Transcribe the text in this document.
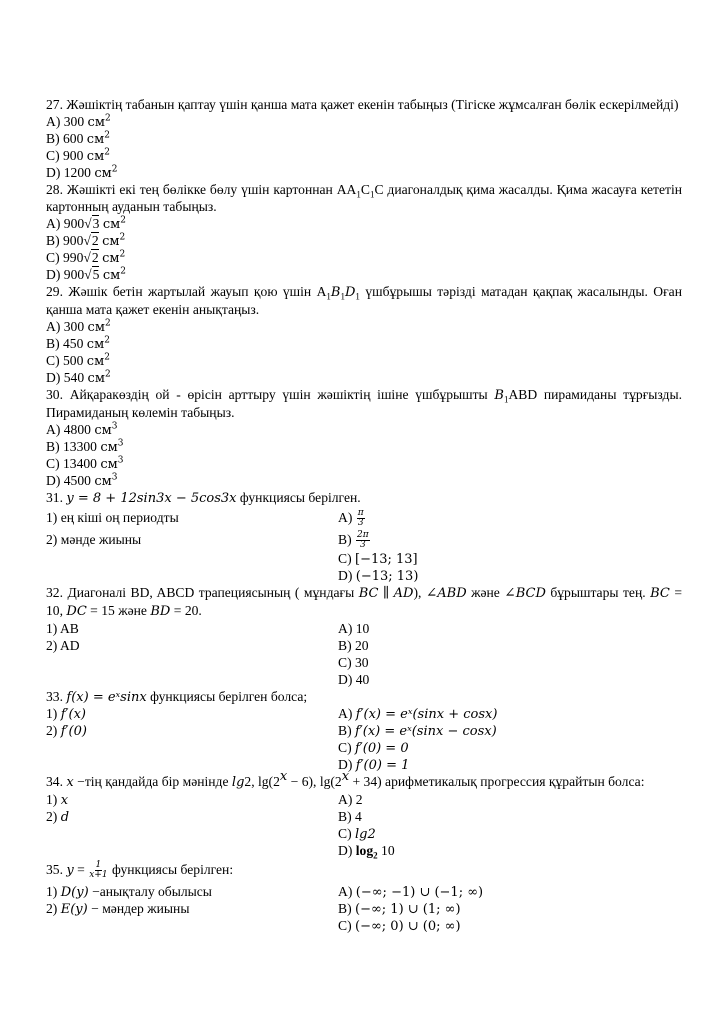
27. Жәшіктің табанын қаптау үшін қанша мата қажет екенін табыңыз (Тігіске жұмсалған бөлік ескерілмейді)
A) 300 $см^2$
B) 600 $см^2$
C) 900 $см^2$
D) 1200 $см^2$
28. Жәшікті екі тең бөлікке бөлу үшін картоннан $AA_1C_1C$ диагоналдық қима жасалды. Қима жасауға кететін картонның ауданын табыңыз.
A) 900√3 $см^2$
B) 900√2 $см^2$
C) 990√2 $см^2$
D) 900√5 $см^2$
29. Жәшік бетін жартылай жауып қою үшін $A_1B_1D_1$ үшбұрышы тәрізді матадан қақпақ жасалынды. Оған қанша мата қажет екенін анықтаңыз.
A) 300 $см^2$
B) 450 $см^2$
C) 500 $см^2$
D) 540 $см^2$
30. Айқаракөздің ой - өрісін арттыру үшін жәшіктің ішіне үшбұрышты $B_1ABD$ пирамиданы тұрғызды. Пирамиданың көлемін табыңыз.
A) 4800 $см^3$
B) 13300 $см^3$
C) 13400 $см^3$
D) 4500 $см^3$
31. y = 8 + 12sin3x − 5cos3x функциясы берілген.
1) ең кіші оң периодты	$A) \frac{\pi}{3}$
2) мәнде жиыны	$B) \frac{2\pi}{3}$
C) [−13; 13]
D) (−13; 13)
32. Диагоналі BD, ABCD трапециясының ( мұндағы BC ∥ AD), ∠ABD және ∠BCD бұрыштары тең. BC = 10, DC = 15 және BD = 20.
1) AB	A) 10
2) AD	B) 20
C) 30
D) 40
33. f(x) = eˣsinx функциясы берілген болса;
1) f′(x)	A) f′(x) = eˣ(sinx + cosx)
2) f′(0)	B) f′(x) = eˣ(sinx − cosx)
C) f′(0) = 0
D) f′(0) = 1
34. x −тің қандайда бір мәнінде lg2, $\lg(2^x - 6)$, $\lg(2^x + 34)$ арифметикалық прогрессия құрайтын болса:
1) x	A) 2
2) d	B) 4
C) lg2
D) $\log_2 10$
35. $y = \frac{1}{x+1}$ функциясы берілген:
1) D(y) −анықталу обылысы	A) (−∞; −1) ∪ (−1; ∞)
2) E(y) − мәндер жиыны	B) (−∞; 1) ∪ (1; ∞)
C) (−∞; 0) ∪ (0; ∞)
